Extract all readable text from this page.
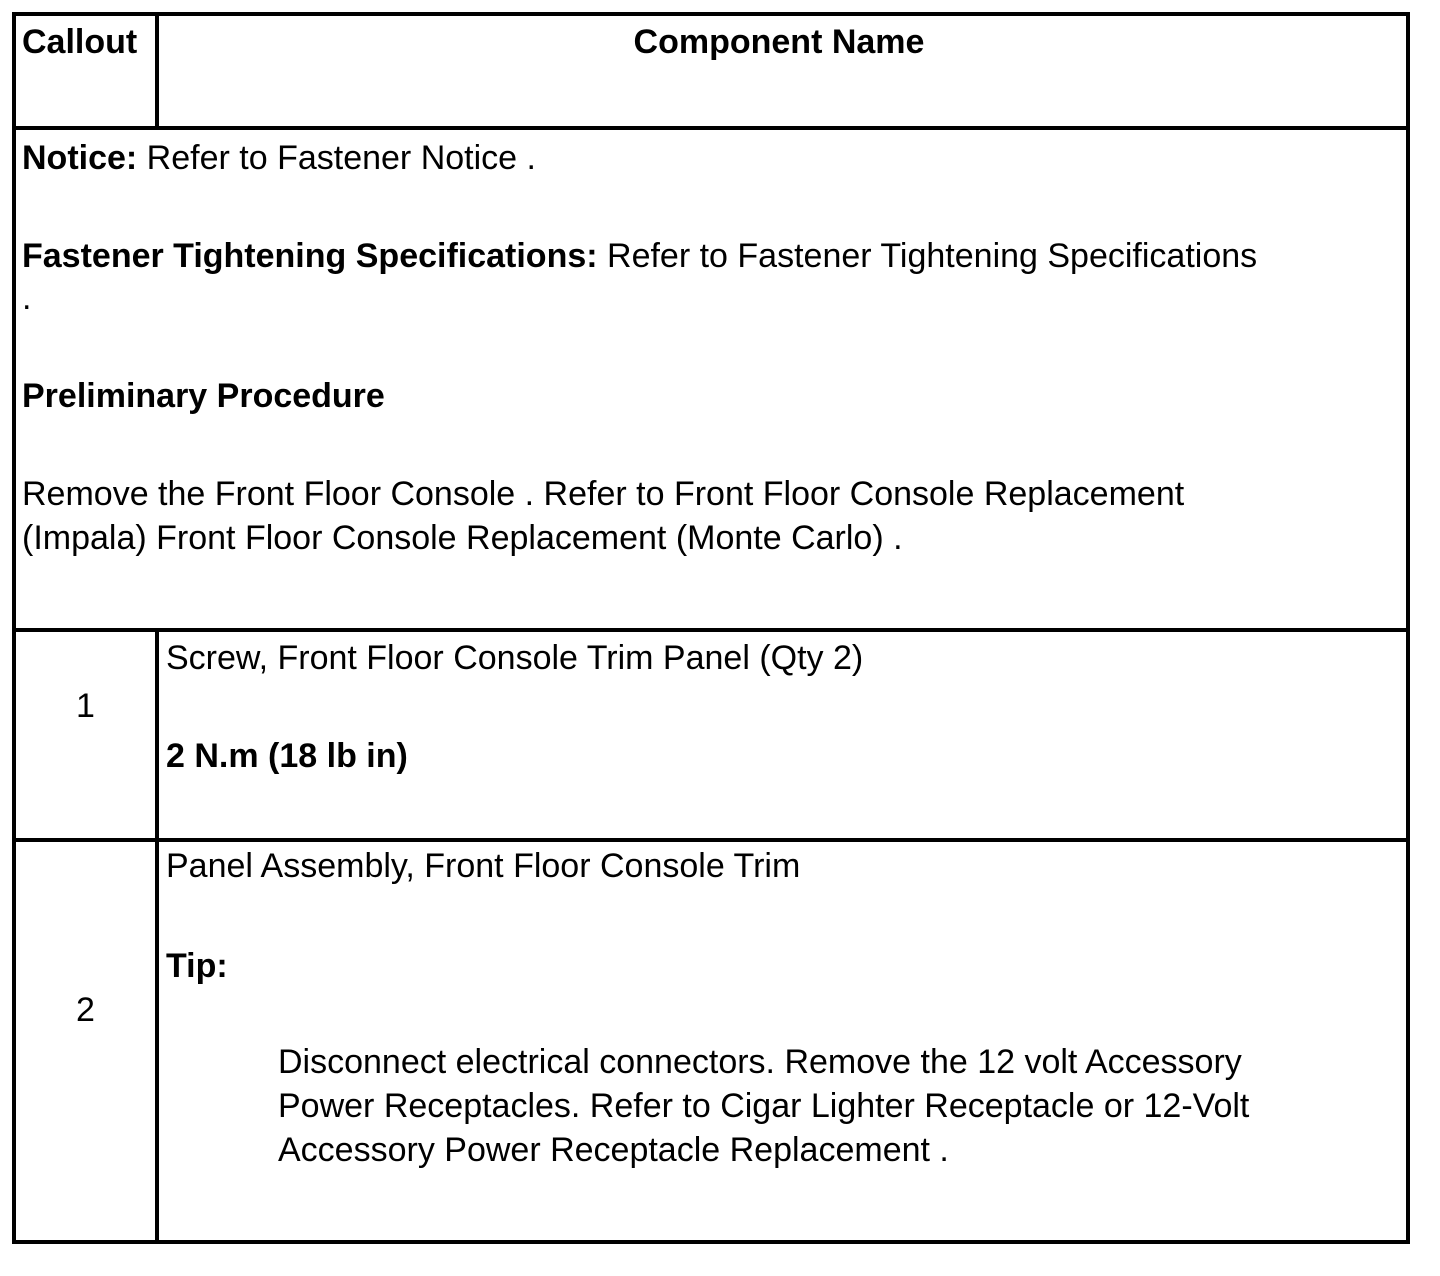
Callout	Component Name

Notice: Refer to Fastener Notice .

Fastener Tightening Specifications: Refer to Fastener Tightening Specifications

.

Preliminary Procedure

Remove the Front Floor Console . Refer to Front Floor Console Replacement

(Impala) Front Floor Console Replacement (Monte Carlo) .

1

Screw, Front Floor Console Trim Panel (Qty 2)

2 N.m (18 lb in)

2

Panel Assembly, Front Floor Console Trim

Tip:

Disconnect electrical connectors. Remove the 12 volt Accessory

Power Receptacles. Refer to Cigar Lighter Receptacle or 12-Volt

Accessory Power Receptacle Replacement .
